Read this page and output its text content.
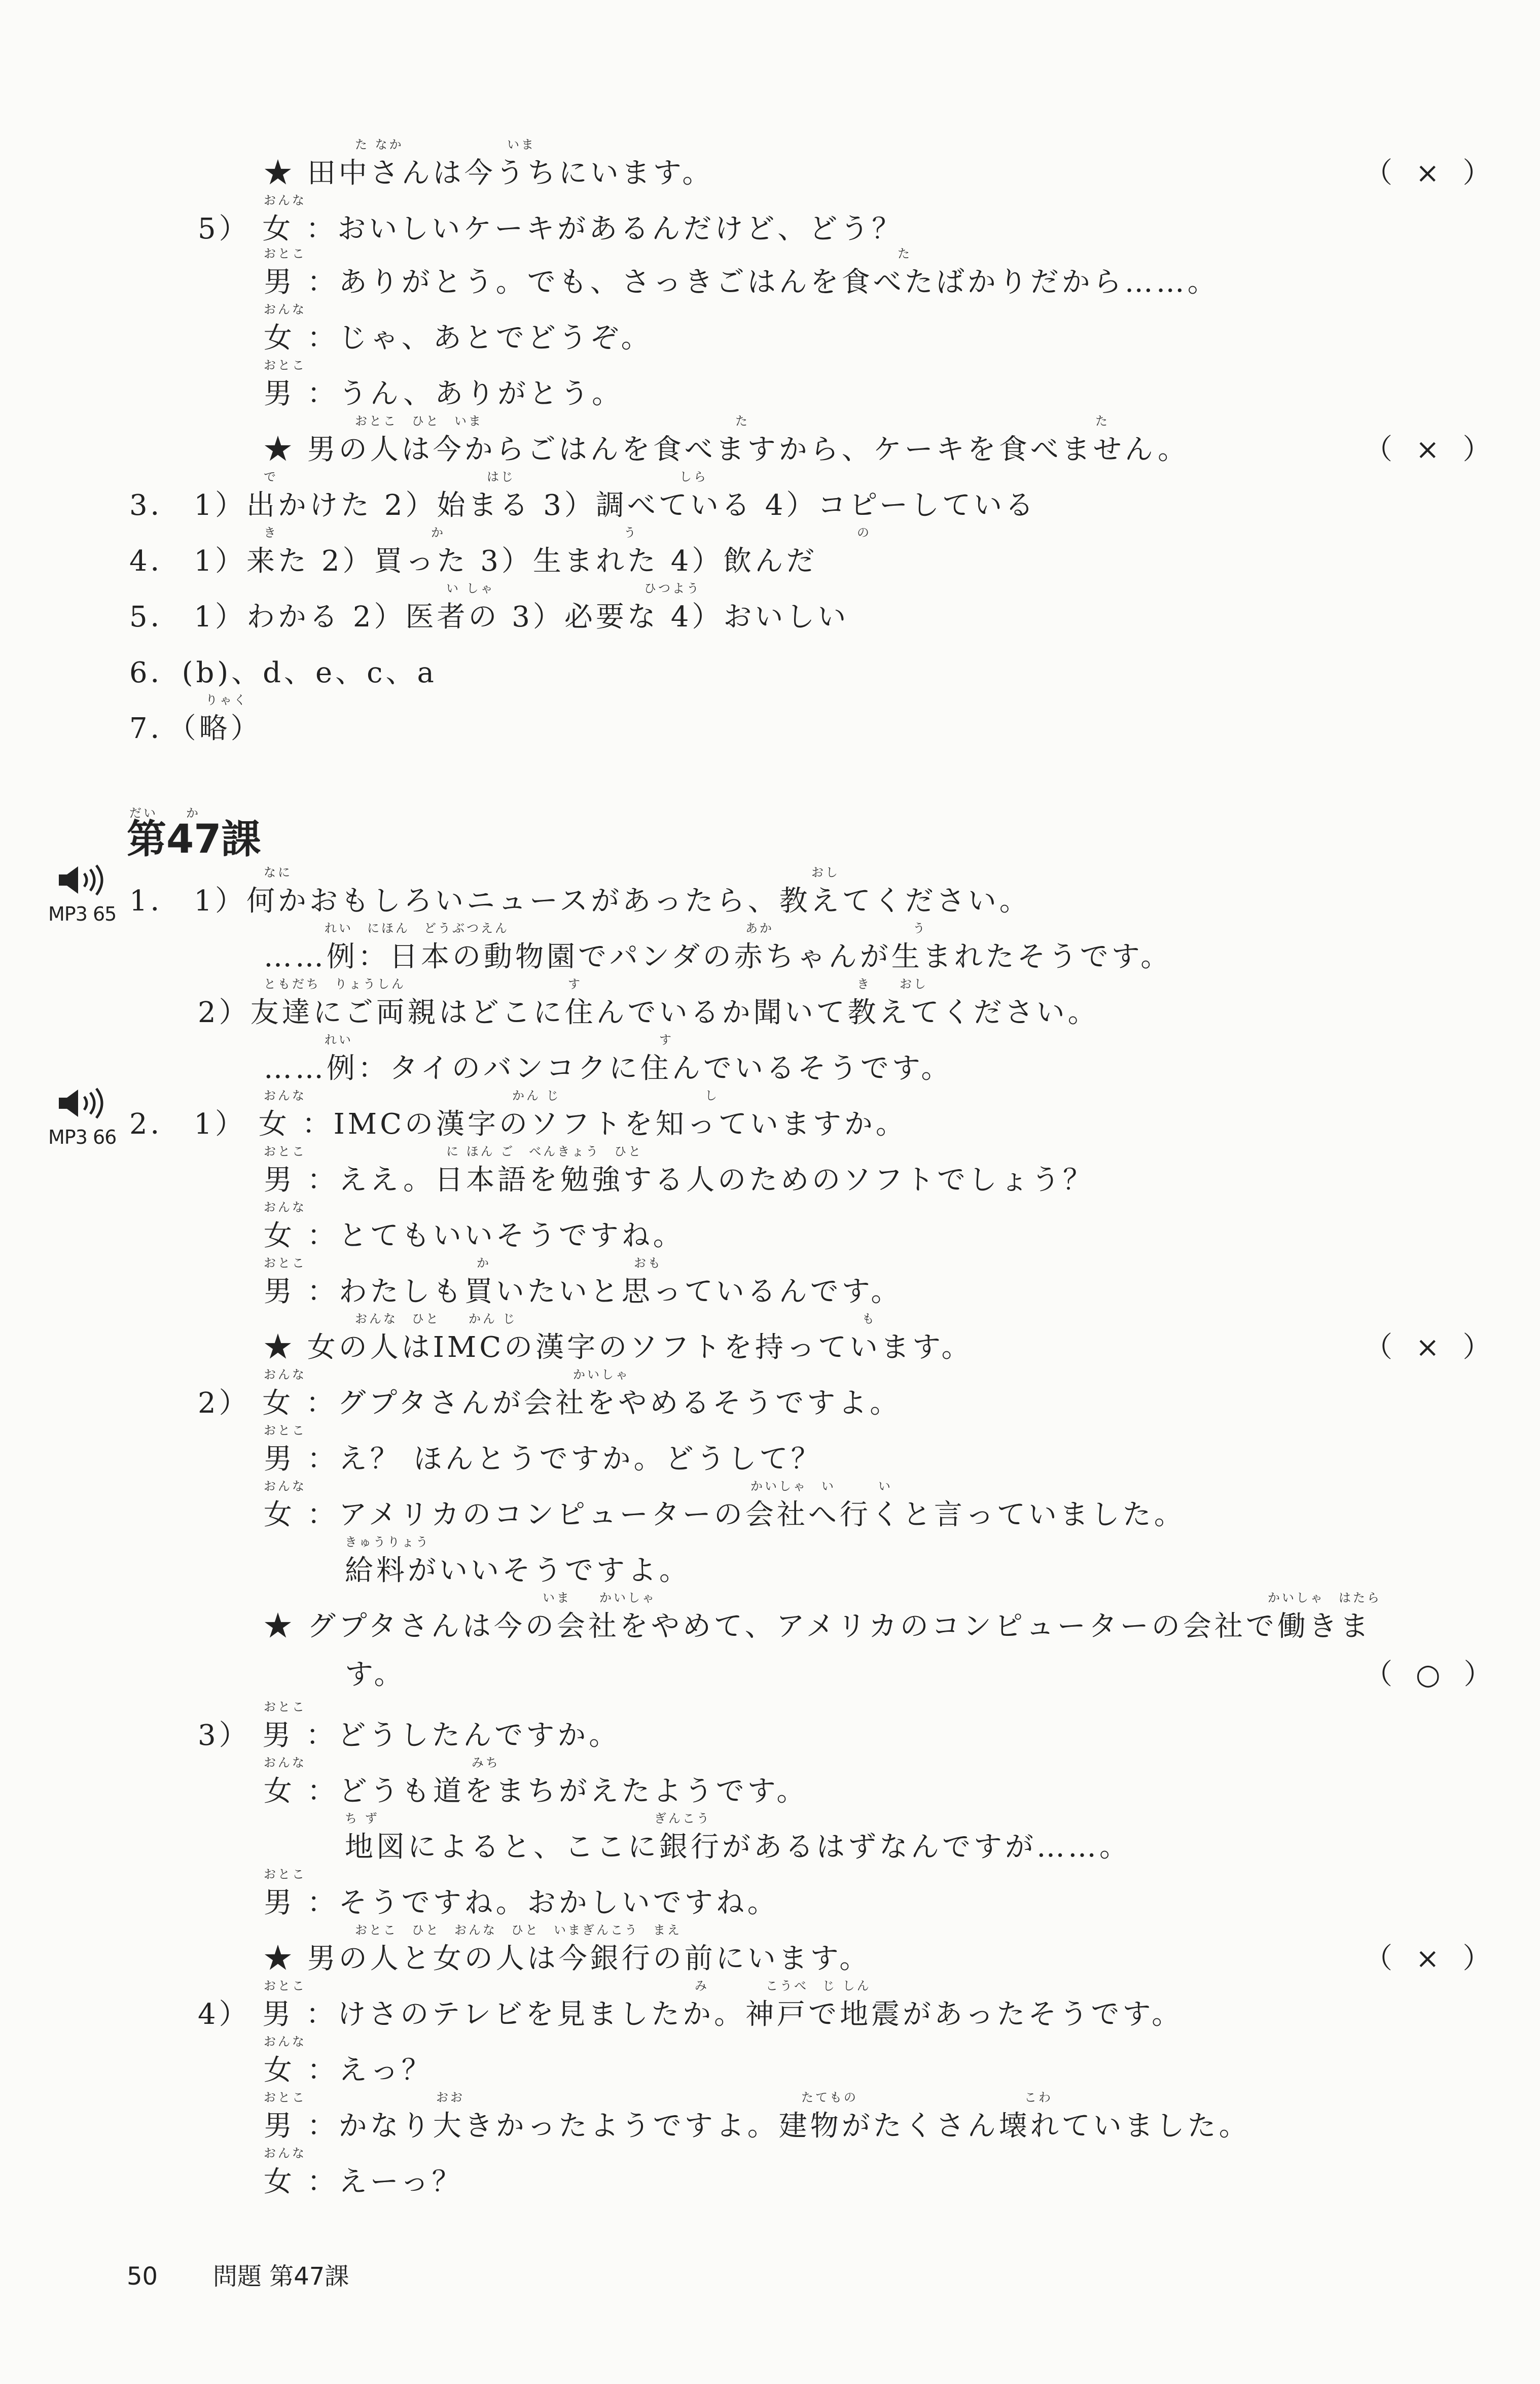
第47課
MP3 65
MP3 66
50 問題 第47課
★ 田中さんは今うちにいます。
5） 女 ：おいしいケーキがあるんだけど、どう？
男 ：ありがとう。でも、さっきごはんを食べたばかりだから……。
女 ：じゃ、あとでどうぞ。
男 ：うん、ありがとう。
★ 男の人は今からごはんを食べますから、ケーキを食べません。
3． 1）出かけた 2）始まる 3）調べている 4）コピーしている
4． 1）来た 2）買った 3）生まれた 4）飲んだ
5． 1）わかる 2）医者の 3）必要な 4）おいしい
6．(b)、d、e、c、a
7．（略）
1． 1）何かおもしろいニュースがあったら、教えてください。
……例：日本の動物園でパンダの赤ちゃんが生まれたそうです。
2）友達にご両親はどこに住んでいるか聞いて教えてください。
……例：タイのバンコクに住んでいるそうです。
2． 1） 女 ：IMCの漢字のソフトを知っていますか。
男 ：ええ。日本語を勉強する人のためのソフトでしょう？
女 ：とてもいいそうですね。
男 ：わたしも買いたいと思っているんです。
★ 女の人はIMCの漢字のソフトを持っています。
2） 女 ：グプタさんが会社をやめるそうですよ。
男 ：え？ ほんとうですか。どうして？
女 ：アメリカのコンピューターの会社へ行くと言っていました。
給料がいいそうですよ。
★ グプタさんは今の会社をやめて、アメリカのコンピューターの会社で働きま
す。
3） 男 ：どうしたんですか。
女 ：どうも道をまちがえたようです。
地図によると、ここに銀行があるはずなんですが……。
男 ：そうですね。おかしいですね。
★ 男の人と女の人は今銀行の前にいます。
4） 男 ：けさのテレビを見ましたか。神戸で地震があったそうです。
女 ：えっ？
男 ：かなり大きかったようですよ。建物がたくさん壊れていました。
女 ：えーっ？
（ × ）
（ × ）
（ × ）
（ ○ ）
（ × ）
た なか	いま
おんな
おとこ	た
おんな
おとこ
おとこ　ひと　いま	た	た
で	はじ	しら
き	か	う	の
い しゃ	ひつよう
りゃく
だい　　か
なに	おし
れい　にほん　どうぶつえん	あか	う
ともだち　りょうしん	す	き　　おし
れい	す
おんな	かん じ	し
おとこ	に ほん ご　べんきょう　ひと
おんな
おとこ	か	おも
おんな　ひと　　かん じ	も
おんな	かいしゃ
おとこ
おんな	かいしゃ　い　　　い
きゅうりょう
いま　　かいしゃ	かいしゃ　はたら
おとこ
おんな	みち
ち ず	ぎんこう
おとこ
おとこ　ひと　おんな　ひと　いまぎんこう　まえ
おとこ	み	こうべ　じ しん
おんな
おとこ	おお	たてもの	こわ
おんな
